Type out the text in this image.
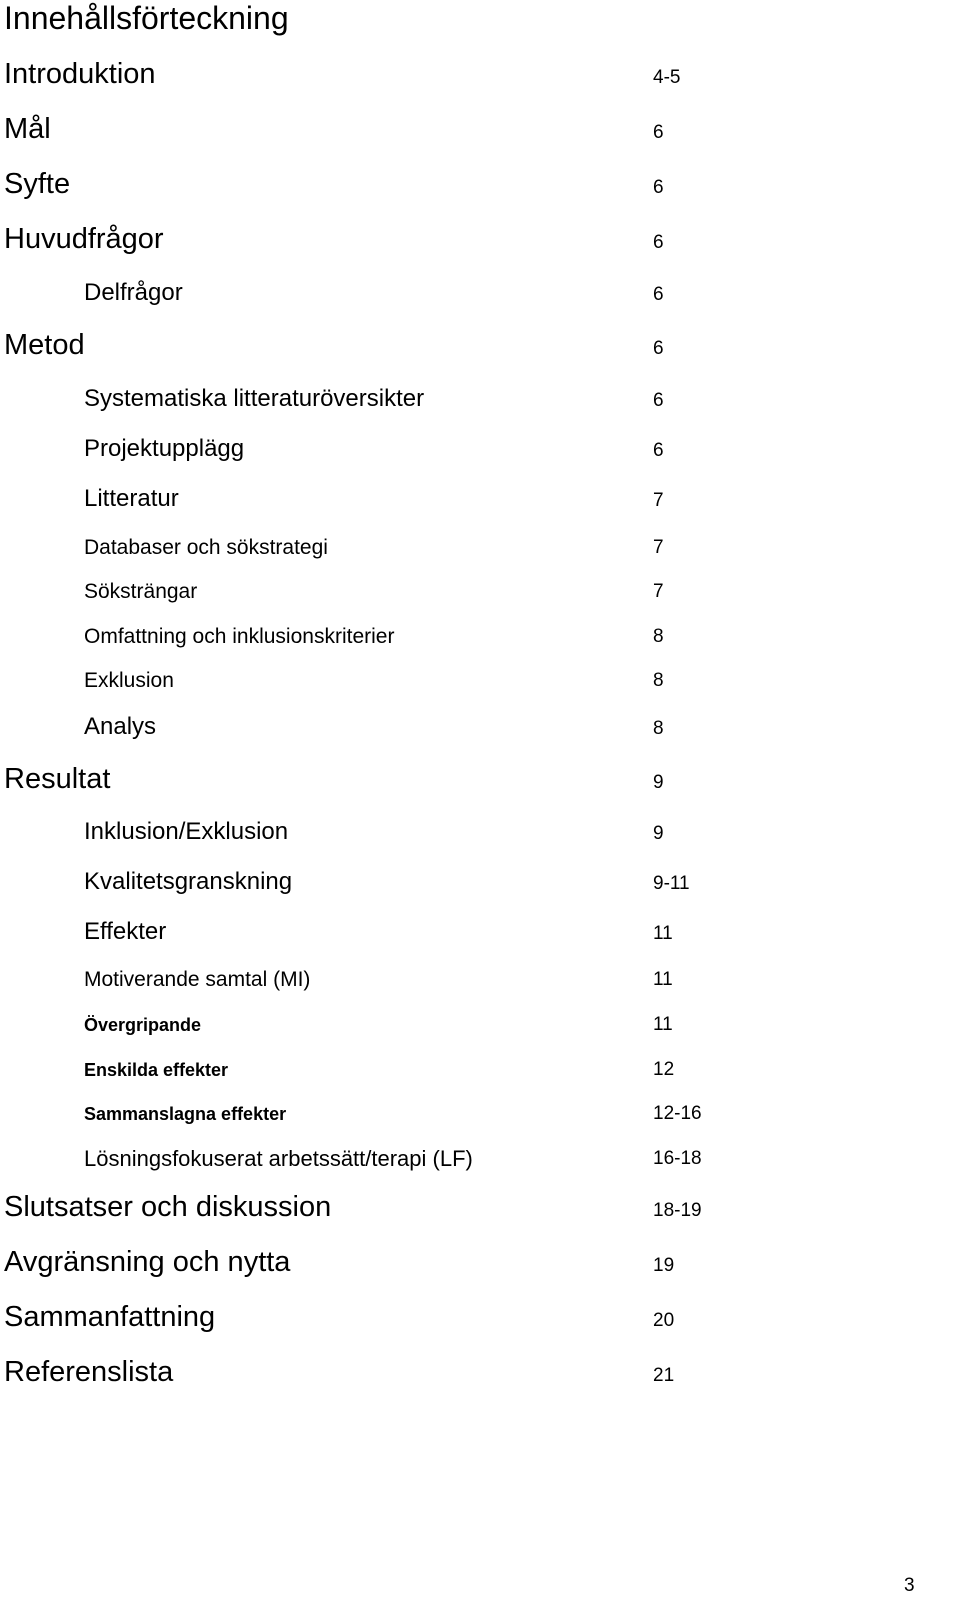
Innehållsförteckning
Introduktion	4-5
Mål	6
Syfte	6
Huvudfrågor	6
Delfrågor	6
Metod	6
Systematiska litteraturöversikter	6
Projektupplägg	6
Litteratur	7
Databaser och sökstrategi	7
Söksträngar	7
Omfattning och inklusionskriterier	8
Exklusion	8
Analys	8
Resultat	9
Inklusion/Exklusion	9
Kvalitetsgranskning	9-11
Effekter	11
Motiverande samtal (MI)	11
Övergripande	11
Enskilda effekter	12
Sammanslagna effekter	12-16
Lösningsfokuserat arbetssätt/terapi (LF)	16-18
Slutsatser och diskussion	18-19
Avgränsning och nytta	19
Sammanfattning	20
Referenslista	21
3
